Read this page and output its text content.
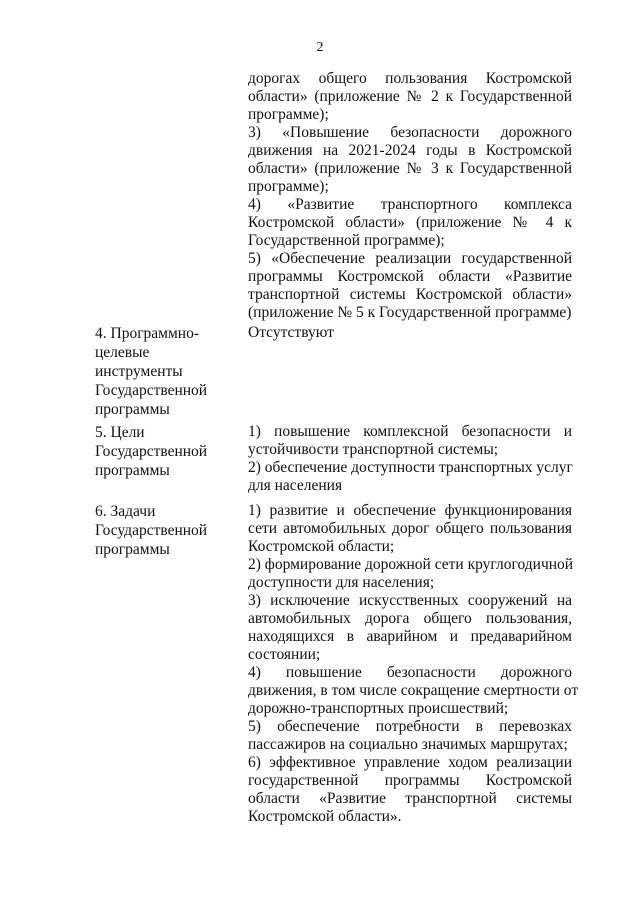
2

дорогах общего пользования Костромской
области» (приложение № 2 к Государственной
программе);

3) «Повышение безопасности дорожного
движения на 2021-2024 годы в Костромской
области» (приложение № 3 к Государственной
программе);

4) «Развитие транспортного комплекса
Костромской области» (приложение № 4 к
Государственной программе);

5) «Обеспечение реализации государственной
программы Костромской области «Развитие
транспортной системы Костромской области»
(приложение № 5 к Государственной программе)

4. Программно-
целевые
инструменты
Государственной
программы

Отсутствуют

5. Цели
Государственной
программы

1) повышение комплексной безопасности и
устойчивости транспортной системы;

2) обеспечение доступности транспортных услуг
для населения

6. Задачи
Государственной
программы

1) развитие и обеспечение функционирования
сети автомобильных дорог общего пользования
Костромской области;

2) формирование дорожной сети круглогодичной
доступности для населения;

3) исключение искусственных сооружений на
автомобильных дорога общего пользования,
находящихся в аварийном и предаварийном
состоянии;

4) повышение безопасности дорожного
движения, в том числе сокращение смертности от
дорожно-транспортных происшествий;

5) обеспечение потребности в перевозках
пассажиров на социально значимых маршрутах;

6) эффективное управление ходом реализации
государственной программы Костромской
области «Развитие транспортной системы
Костромской области».
